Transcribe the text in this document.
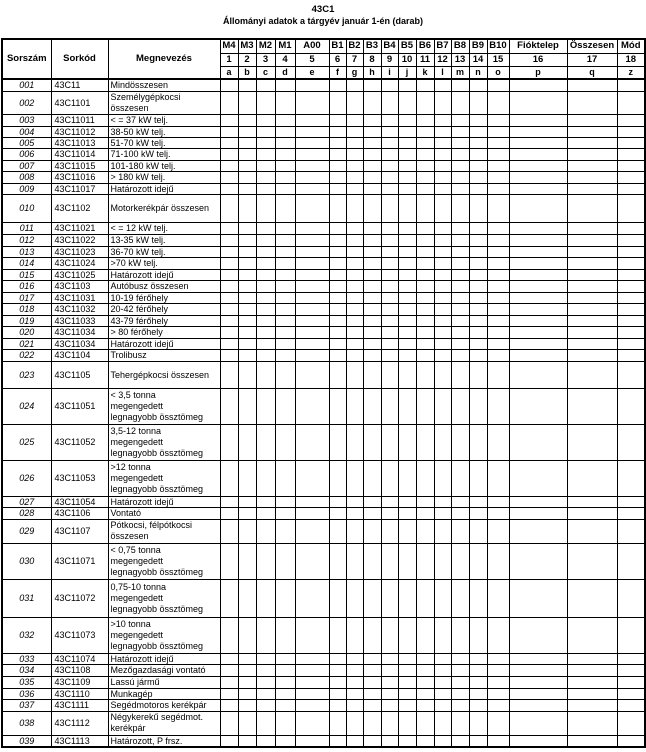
43C1
Állományi adatok a tárgyév január 1-én (darab)
Sorszám	Sorkód	Megnevezés	M4	M3	M2	M1	A00	B1	B2	B3	B4	B5	B6	B7	B8	B9	B10	Fióktelep	Összesen	Mód
			1	2	3	4	5	6	7	8	9	10	11	12	13	14	15	16	17	18
			a	b	c	d	e	f	g	h	i	j	k	l	m	n	o	p	q	z
001	43C11	Mindösszesen																		
002	43C1101	Személygépkocsi
összesen																		
003	43C11011	< = 37 kW telj.																		
004	43C11012	38-50 kW telj.																		
005	43C11013	51-70 kW telj.																		
006	43C11014	71-100 kW telj.																		
007	43C11015	101-180 kW telj.																		
008	43C11016	> 180 kW telj.																		
009	43C11017	Határozott idejű																		
010	43C1102	Motorkerékpár összesen																		
011	43C11021	< = 12 kW telj.																		
012	43C11022	13-35 kW telj.																		
013	43C11023	36-70 kW telj.																		
014	43C11024	>70 kW telj.																		
015	43C11025	Határozott idejű																		
016	43C1103	Autóbusz összesen																		
017	43C11031	10-19 férőhely																		
018	43C11032	20-42 férőhely																		
019	43C11033	43-79 férőhely																		
020	43C11034	> 80 férőhely																		
021	43C11034	Határozott idejű																		
022	43C1104	Trolibusz																		
023	43C1105	Tehergépkocsi összesen																		
024	43C11051	< 3,5 tonna
megengedett
legnagyobb össztömeg																		
025	43C11052	3,5-12 tonna
megengedett
legnagyobb össztömeg																		
026	43C11053	>12 tonna
megengedett
legnagyobb össztömeg																		
027	43C11054	Határozott idejű																		
028	43C1106	Vontató																		
029	43C1107	Pótkocsi, félpótkocsi
összesen																		
030	43C11071	< 0,75 tonna
megengedett
legnagyobb össztömeg																		
031	43C11072	0,75-10 tonna
megengedett
legnagyobb össztömeg																		
032	43C11073	>10 tonna
megengedett
legnagyobb össztömeg																		
033	43C11074	Határozott idejű																		
034	43C1108	Mezőgazdasági vontató																		
035	43C1109	Lassú jármű																		
036	43C1110	Munkagép																		
037	43C1111	Segédmotoros kerékpár																		
038	43C1112	Négykerekű segédmot.
kerékpár																		
039	43C1113	Határozott, P frsz.																		
